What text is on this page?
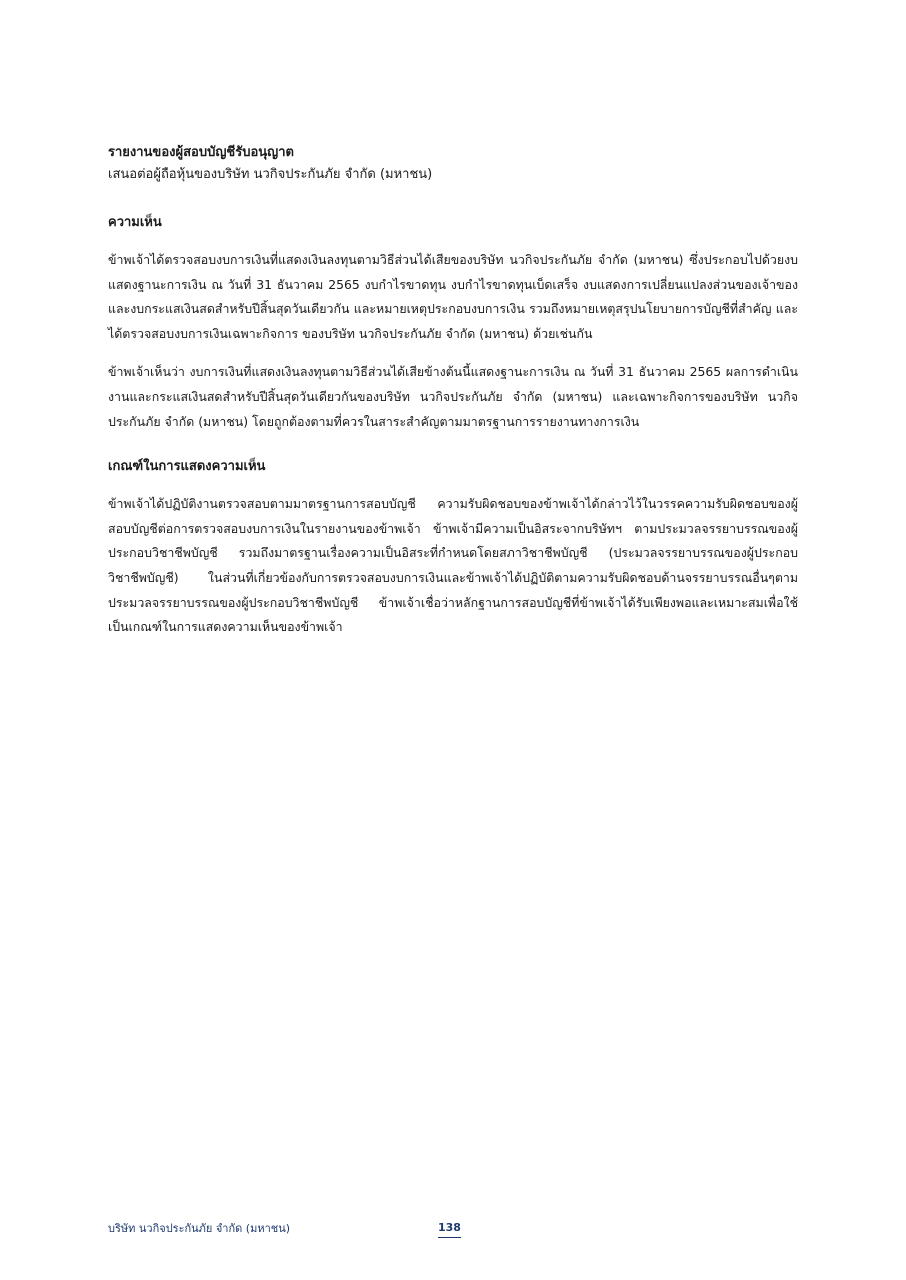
รายงานของผู้สอบบัญชีรับอนุญาต

เสนอต่อผู้ถือหุ้นของบริษัท นวกิจประกันภัย จำกัด (มหาชน)

ความเห็น

ข้าพเจ้าได้ตรวจสอบงบการเงินที่แสดงเงินลงทุนตามวิธีส่วนได้เสียของบริษัท นวกิจประกันภัย จำกัด (มหาชน) ซึ่งประกอบไปด้วยงบแสดงฐานะการเงิน ณ วันที่ 31 ธันวาคม 2565 งบกำไรขาดทุน งบกำไรขาดทุนเบ็ดเสร็จ งบแสดงการเปลี่ยนแปลงส่วนของเจ้าของและงบกระแสเงินสดสำหรับปีสิ้นสุดวันเดียวกัน และหมายเหตุประกอบงบการเงิน รวมถึงหมายเหตุสรุปนโยบายการบัญชีที่สำคัญ และได้ตรวจสอบงบการเงินเฉพาะกิจการ ของบริษัท นวกิจประกันภัย จำกัด (มหาชน) ด้วยเช่นกัน

ข้าพเจ้าเห็นว่า งบการเงินที่แสดงเงินลงทุนตามวิธีส่วนได้เสียข้างต้นนี้แสดงฐานะการเงิน ณ วันที่ 31 ธันวาคม 2565 ผลการดำเนินงานและกระแสเงินสดสำหรับปีสิ้นสุดวันเดียวกันของบริษัท นวกิจประกันภัย จำกัด (มหาชน) และเฉพาะกิจการของบริษัท นวกิจประกันภัย จำกัด (มหาชน) โดยถูกต้องตามที่ควรในสาระสำคัญตามมาตรฐานการรายงานทางการเงิน

เกณฑ์ในการแสดงความเห็น

ข้าพเจ้าได้ปฏิบัติงานตรวจสอบตามมาตรฐานการสอบบัญชี ความรับผิดชอบของข้าพเจ้าได้กล่าวไว้ในวรรคความรับผิดชอบของผู้สอบบัญชีต่อการตรวจสอบงบการเงินในรายงานของข้าพเจ้า ข้าพเจ้ามีความเป็นอิสระจากบริษัทฯ ตามประมวลจรรยาบรรณของผู้ประกอบวิชาชีพบัญชี รวมถึงมาตรฐานเรื่องความเป็นอิสระที่กำหนดโดยสภาวิชาชีพบัญชี (ประมวลจรรยาบรรณของผู้ประกอบวิชาชีพบัญชี) ในส่วนที่เกี่ยวข้องกับการตรวจสอบงบการเงินและข้าพเจ้าได้ปฏิบัติตามความรับผิดชอบด้านจรรยาบรรณอื่นๆตามประมวลจรรยาบรรณของผู้ประกอบวิชาชีพบัญชี ข้าพเจ้าเชื่อว่าหลักฐานการสอบบัญชีที่ข้าพเจ้าได้รับเพียงพอและเหมาะสมเพื่อใช้เป็นเกณฑ์ในการแสดงความเห็นของข้าพเจ้า

บริษัท นวกิจประกันภัย จำกัด (มหาชน)	138
